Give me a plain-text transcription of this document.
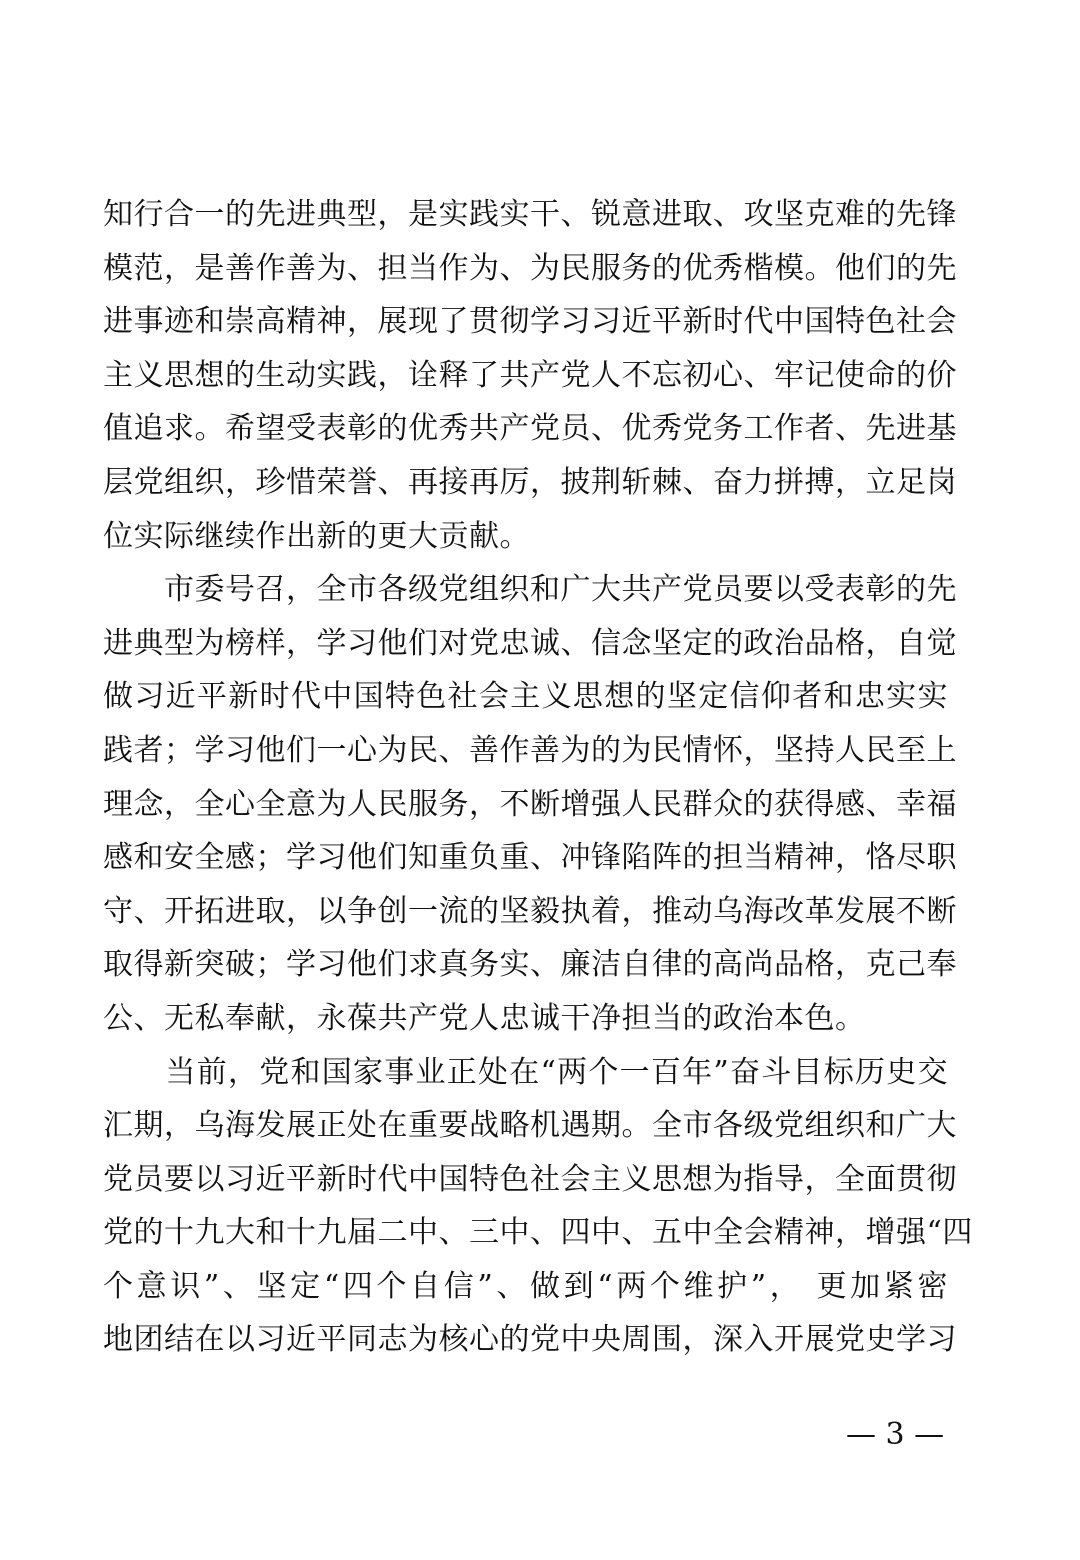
知行合一的先进典型，是实践实干、锐意进取、攻坚克难的先锋
模范，是善作善为、担当作为、为民服务的优秀楷模。他们的先
进事迹和崇高精神，展现了贯彻学习习近平新时代中国特色社会
主义思想的生动实践，诠释了共产党人不忘初心、牢记使命的价
值追求。希望受表彰的优秀共产党员、优秀党务工作者、先进基
层党组织，珍惜荣誉、再接再厉，披荆斩棘、奋力拼搏，立足岗
位实际继续作出新的更大贡献。
　　市委号召，全市各级党组织和广大共产党员要以受表彰的先
进典型为榜样，学习他们对党忠诚、信念坚定的政治品格，自觉
做习近平新时代中国特色社会主义思想的坚定信仰者和忠实实
践者；学习他们一心为民、善作善为的为民情怀，坚持人民至上
理念，全心全意为人民服务，不断增强人民群众的获得感、幸福
感和安全感；学习他们知重负重、冲锋陷阵的担当精神，恪尽职
守、开拓进取，以争创一流的坚毅执着，推动乌海改革发展不断
取得新突破；学习他们求真务实、廉洁自律的高尚品格，克己奉
公、无私奉献，永葆共产党人忠诚干净担当的政治本色。
　　当前，党和国家事业正处在“两个一百年”奋斗目标历史交
汇期，乌海发展正处在重要战略机遇期。全市各级党组织和广大
党员要以习近平新时代中国特色社会主义思想为指导，全面贯彻
党的十九大和十九届二中、三中、四中、五中全会精神，增强“四
个意识”、坚定“四个自信”、做到“两个维护”， 更加紧密
地团结在以习近平同志为核心的党中央周围，深入开展党史学习
— 3 —
